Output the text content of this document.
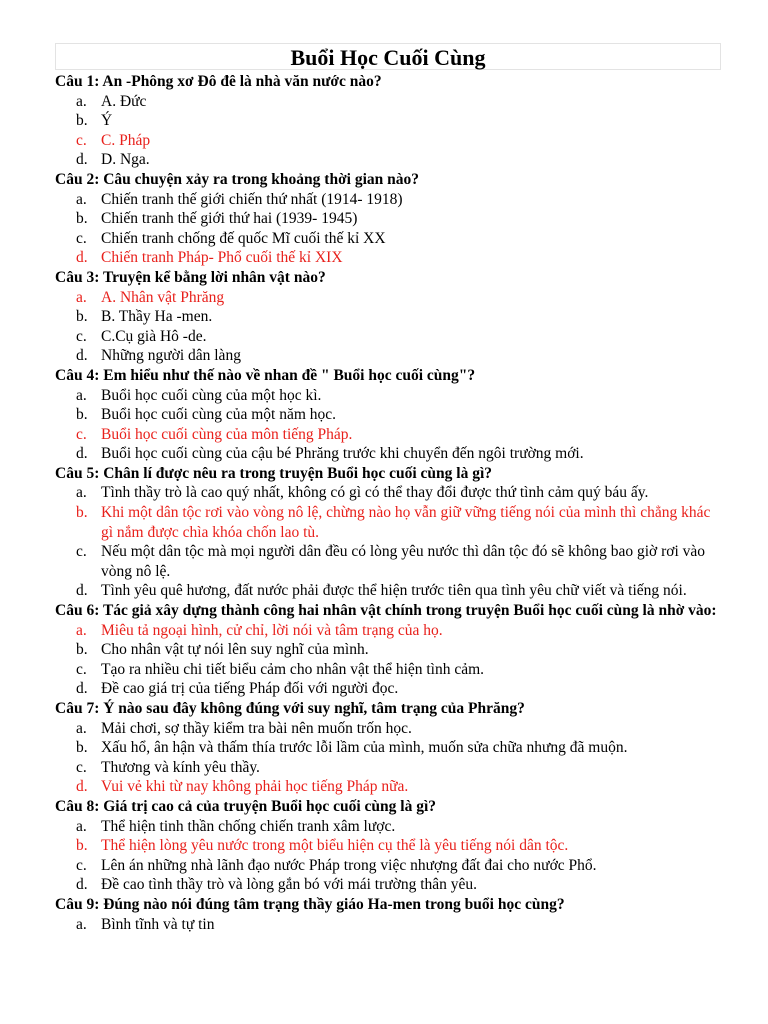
Buổi Học Cuối Cùng
Câu 1: An -Phông xơ Đô đê là nhà văn nước nào?
a. A. Đức
b. Ý
c. C. Pháp
d. D. Nga.
Câu 2: Câu chuyện xảy ra trong khoảng thời gian nào?
a. Chiến tranh thế giới chiến thứ nhất (1914- 1918)
b. Chiến tranh thế giới thứ hai (1939- 1945)
c. Chiến tranh chống đế quốc Mĩ cuối thế kỉ XX
d. Chiến tranh Pháp- Phổ cuối thế kỉ XIX
Câu 3: Truyện kể bằng lời nhân vật nào?
a. A. Nhân vật Phrăng
b. B. Thầy Ha -men.
c. C.Cụ già Hô -de.
d. Những người dân làng
Câu 4: Em hiểu như thế nào về nhan đề " Buổi học cuối cùng"?
a. Buổi học cuối cùng của một học kì.
b. Buổi học cuối cùng của một năm học.
c. Buổi học cuối cùng của môn tiếng Pháp.
d. Buổi học cuối cùng của cậu bé Phrăng trước khi chuyển đến ngôi trường mới.
Câu 5: Chân lí được nêu ra trong truyện Buổi học cuối cùng là gì?
a. Tình thầy trò là cao quý nhất, không có gì có thể thay đổi được thứ tình cảm quý báu ấy.
b. Khi một dân tộc rơi vào vòng nô lệ, chừng nào họ vẫn giữ vững tiếng nói của mình thì chẳng khác gì nắm được chìa khóa chốn lao tù.
c. Nếu một dân tộc mà mọi người dân đều có lòng yêu nước thì dân tộc đó sẽ không bao giờ rơi vào vòng nô lệ.
d. Tình yêu quê hương, đất nước phải được thể hiện trước tiên qua tình yêu chữ viết và tiếng nói.
Câu 6: Tác giả xây dựng thành công hai nhân vật chính trong truyện Buổi học cuối cùng là nhờ vào:
a. Miêu tả ngoại hình, cử chỉ, lời nói và tâm trạng của họ.
b. Cho nhân vật tự nói lên suy nghĩ của mình.
c. Tạo ra nhiều chi tiết biểu cảm cho nhân vật thể hiện tình cảm.
d. Đề cao giá trị của tiếng Pháp đối với người đọc.
Câu 7: Ý nào sau đây không đúng với suy nghĩ, tâm trạng của Phrăng?
a. Mải chơi, sợ thầy kiểm tra bài nên muốn trốn học.
b. Xấu hổ, ân hận và thấm thía trước lỗi lầm của mình, muốn sửa chữa nhưng đã muộn.
c. Thương và kính yêu thầy.
d. Vui vẻ khi từ nay không phải học tiếng Pháp nữa.
Câu 8: Giá trị cao cả của truyện Buổi học cuối cùng là gì?
a. Thể hiện tinh thần chống chiến tranh xâm lược.
b. Thể hiện lòng yêu nước trong một biểu hiện cụ thể là yêu tiếng nói dân tộc.
c. Lên án những nhà lãnh đạo nước Pháp trong việc nhượng đất đai cho nước Phổ.
d. Đề cao tình thầy trò và lòng gắn bó với mái trường thân yêu.
Câu 9: Đúng nào nói đúng tâm trạng thầy giáo Ha-men trong buổi học cùng?
a. Bình tĩnh và tự tin
